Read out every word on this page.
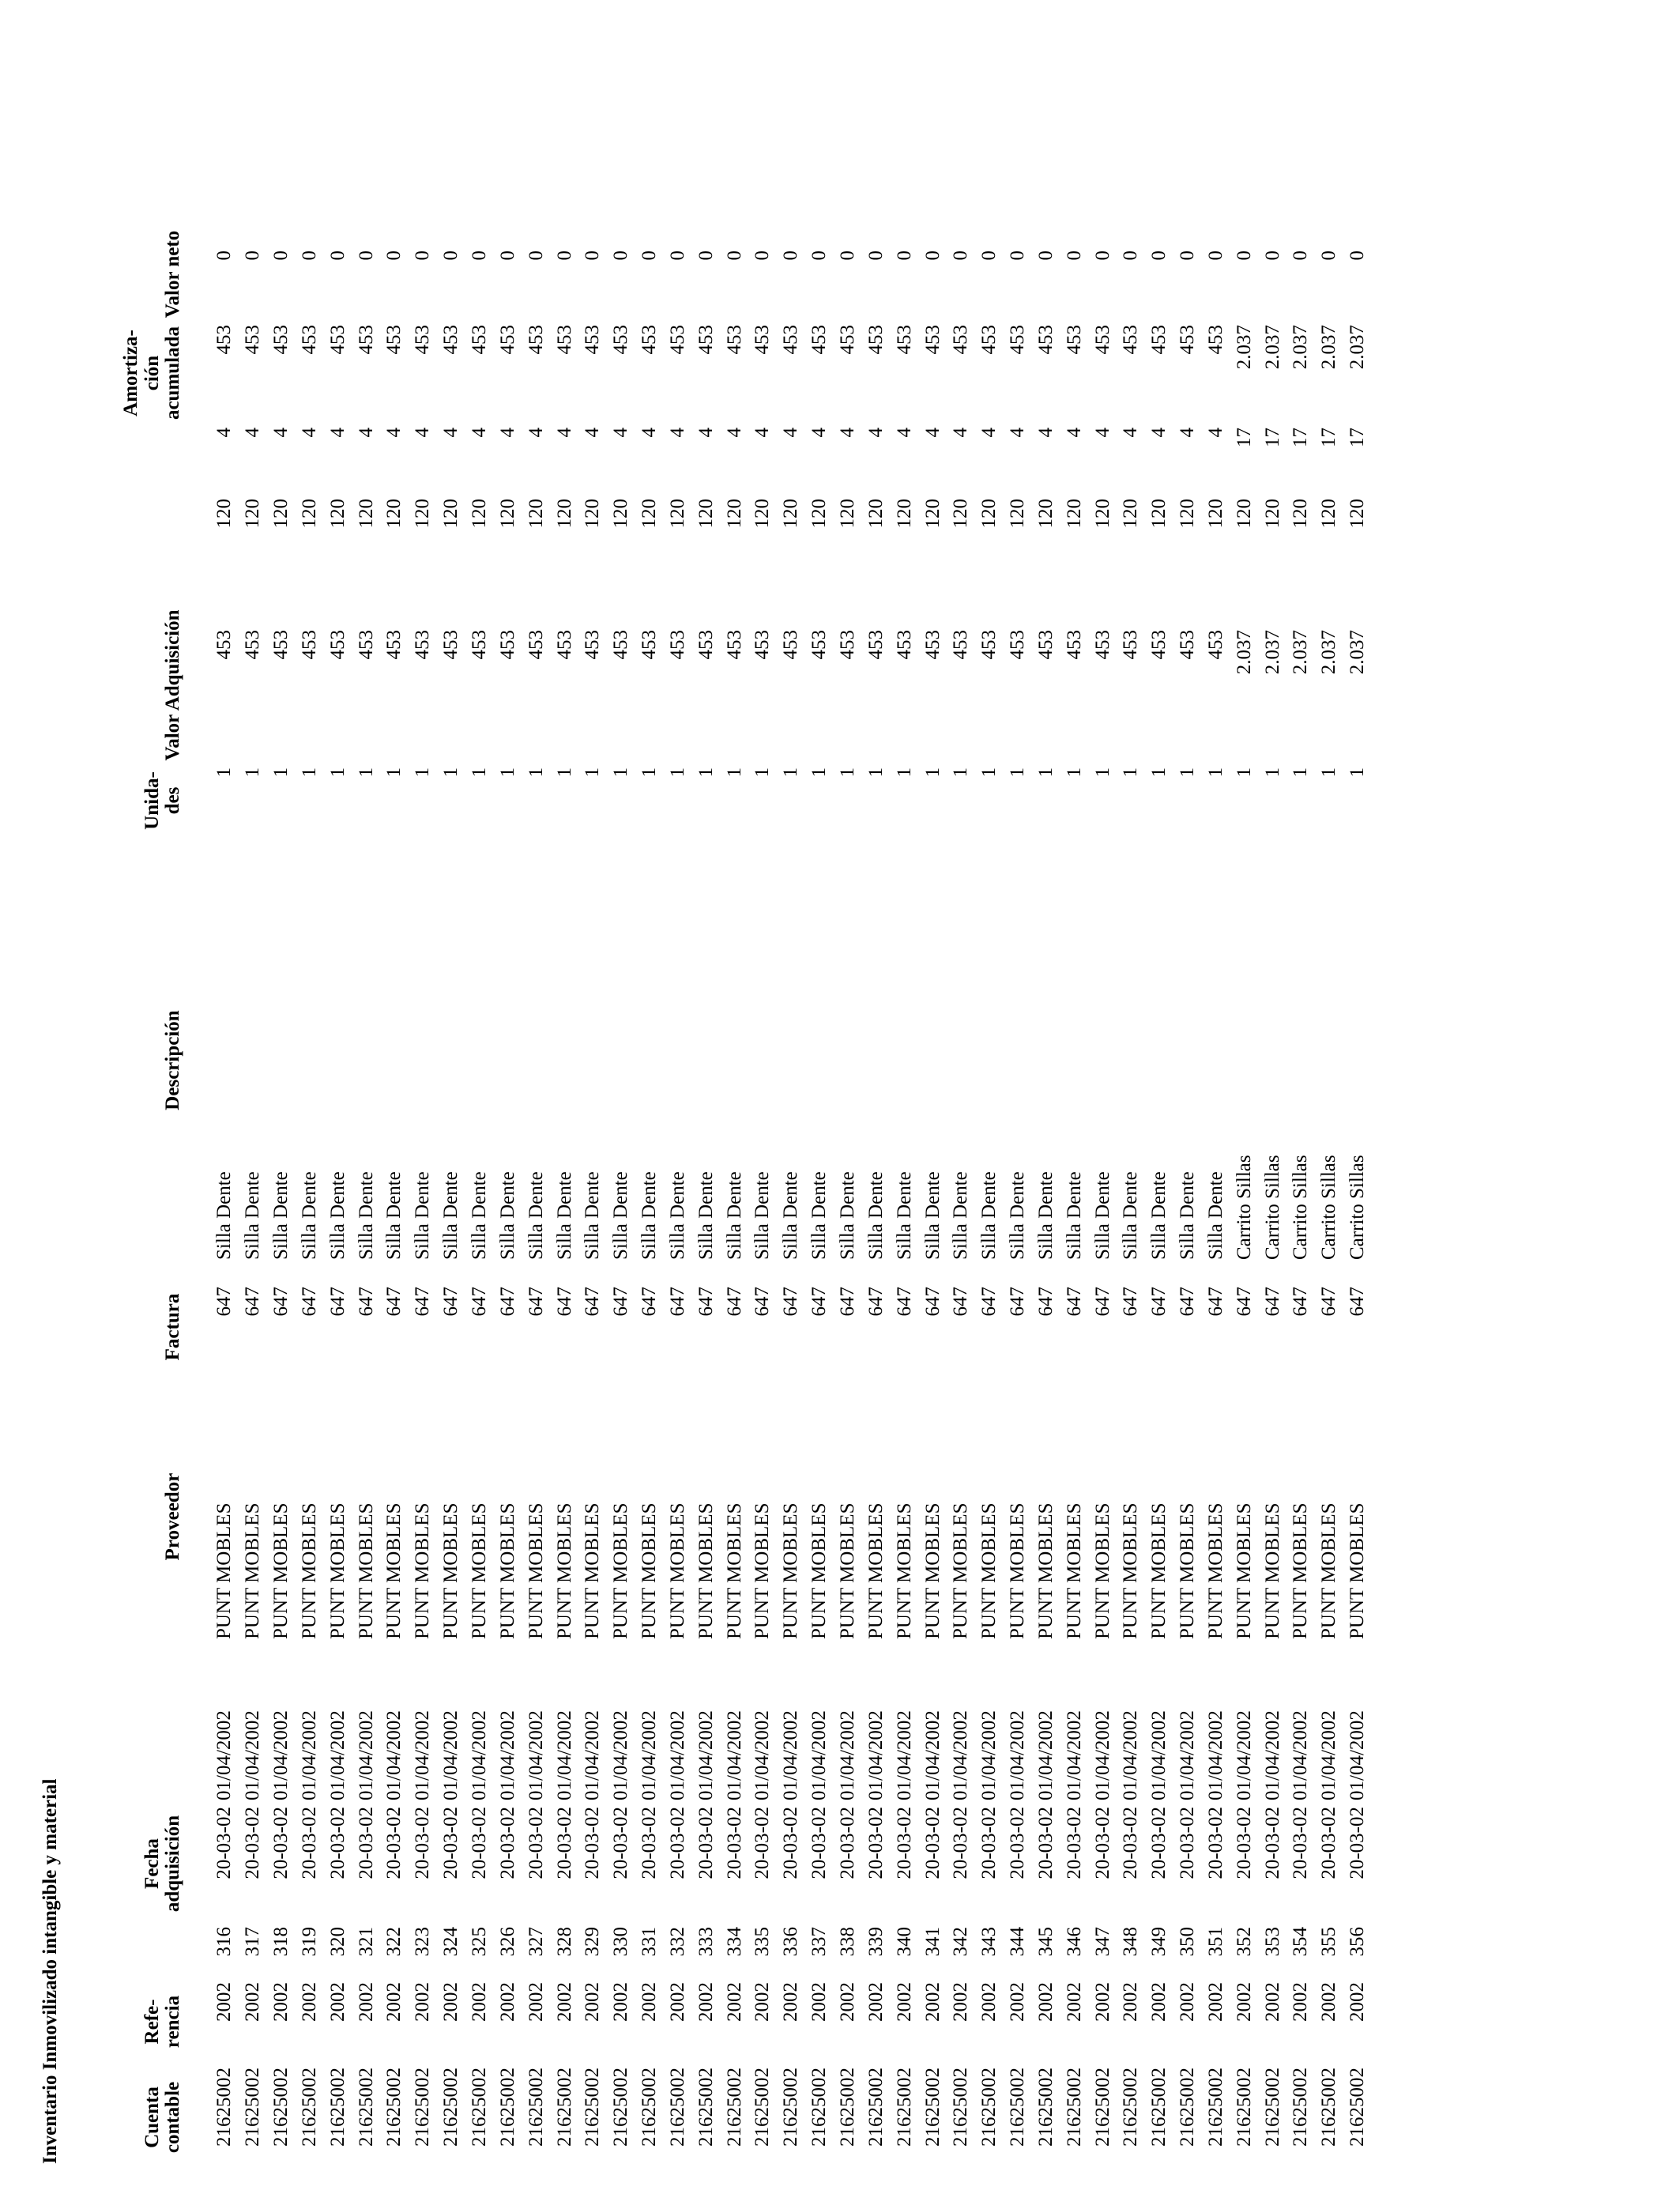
Inventario Inmovilizado intangible y material	Cuenta contable	Refe- rencia		Fecha adquisición		Proveedor	Factura	Descripción	Unida- des	Valor Adquisición			Amortiza- ción acumulada	Valor neto
21625002	2002	316	20-03-02	01/04/2002	PUNT MOBLES	647	Silla Dente	1	453	120	4	453	0
21625002	2002	317	20-03-02	01/04/2002	PUNT MOBLES	647	Silla Dente	1	453	120	4	453	0
21625002	2002	318	20-03-02	01/04/2002	PUNT MOBLES	647	Silla Dente	1	453	120	4	453	0
21625002	2002	319	20-03-02	01/04/2002	PUNT MOBLES	647	Silla Dente	1	453	120	4	453	0
21625002	2002	320	20-03-02	01/04/2002	PUNT MOBLES	647	Silla Dente	1	453	120	4	453	0
21625002	2002	321	20-03-02	01/04/2002	PUNT MOBLES	647	Silla Dente	1	453	120	4	453	0
21625002	2002	322	20-03-02	01/04/2002	PUNT MOBLES	647	Silla Dente	1	453	120	4	453	0
21625002	2002	323	20-03-02	01/04/2002	PUNT MOBLES	647	Silla Dente	1	453	120	4	453	0
21625002	2002	324	20-03-02	01/04/2002	PUNT MOBLES	647	Silla Dente	1	453	120	4	453	0
21625002	2002	325	20-03-02	01/04/2002	PUNT MOBLES	647	Silla Dente	1	453	120	4	453	0
21625002	2002	326	20-03-02	01/04/2002	PUNT MOBLES	647	Silla Dente	1	453	120	4	453	0
21625002	2002	327	20-03-02	01/04/2002	PUNT MOBLES	647	Silla Dente	1	453	120	4	453	0
21625002	2002	328	20-03-02	01/04/2002	PUNT MOBLES	647	Silla Dente	1	453	120	4	453	0
21625002	2002	329	20-03-02	01/04/2002	PUNT MOBLES	647	Silla Dente	1	453	120	4	453	0
21625002	2002	330	20-03-02	01/04/2002	PUNT MOBLES	647	Silla Dente	1	453	120	4	453	0
21625002	2002	331	20-03-02	01/04/2002	PUNT MOBLES	647	Silla Dente	1	453	120	4	453	0
21625002	2002	332	20-03-02	01/04/2002	PUNT MOBLES	647	Silla Dente	1	453	120	4	453	0
21625002	2002	333	20-03-02	01/04/2002	PUNT MOBLES	647	Silla Dente	1	453	120	4	453	0
21625002	2002	334	20-03-02	01/04/2002	PUNT MOBLES	647	Silla Dente	1	453	120	4	453	0
21625002	2002	335	20-03-02	01/04/2002	PUNT MOBLES	647	Silla Dente	1	453	120	4	453	0
21625002	2002	336	20-03-02	01/04/2002	PUNT MOBLES	647	Silla Dente	1	453	120	4	453	0
21625002	2002	337	20-03-02	01/04/2002	PUNT MOBLES	647	Silla Dente	1	453	120	4	453	0
21625002	2002	338	20-03-02	01/04/2002	PUNT MOBLES	647	Silla Dente	1	453	120	4	453	0
21625002	2002	339	20-03-02	01/04/2002	PUNT MOBLES	647	Silla Dente	1	453	120	4	453	0
21625002	2002	340	20-03-02	01/04/2002	PUNT MOBLES	647	Silla Dente	1	453	120	4	453	0
21625002	2002	341	20-03-02	01/04/2002	PUNT MOBLES	647	Silla Dente	1	453	120	4	453	0
21625002	2002	342	20-03-02	01/04/2002	PUNT MOBLES	647	Silla Dente	1	453	120	4	453	0
21625002	2002	343	20-03-02	01/04/2002	PUNT MOBLES	647	Silla Dente	1	453	120	4	453	0
21625002	2002	344	20-03-02	01/04/2002	PUNT MOBLES	647	Silla Dente	1	453	120	4	453	0
21625002	2002	345	20-03-02	01/04/2002	PUNT MOBLES	647	Silla Dente	1	453	120	4	453	0
21625002	2002	346	20-03-02	01/04/2002	PUNT MOBLES	647	Silla Dente	1	453	120	4	453	0
21625002	2002	347	20-03-02	01/04/2002	PUNT MOBLES	647	Silla Dente	1	453	120	4	453	0
21625002	2002	348	20-03-02	01/04/2002	PUNT MOBLES	647	Silla Dente	1	453	120	4	453	0
21625002	2002	349	20-03-02	01/04/2002	PUNT MOBLES	647	Silla Dente	1	453	120	4	453	0
21625002	2002	350	20-03-02	01/04/2002	PUNT MOBLES	647	Silla Dente	1	453	120	4	453	0
21625002	2002	351	20-03-02	01/04/2002	PUNT MOBLES	647	Silla Dente	1	453	120	4	453	0
21625002	2002	352	20-03-02	01/04/2002	PUNT MOBLES	647	Carrito Sillas	1	2.037	120	17	2.037	0
21625002	2002	353	20-03-02	01/04/2002	PUNT MOBLES	647	Carrito Sillas	1	2.037	120	17	2.037	0
21625002	2002	354	20-03-02	01/04/2002	PUNT MOBLES	647	Carrito Sillas	1	2.037	120	17	2.037	0
21625002	2002	355	20-03-02	01/04/2002	PUNT MOBLES	647	Carrito Sillas	1	2.037	120	17	2.037	0
21625002	2002	356	20-03-02	01/04/2002	PUNT MOBLES	647	Carrito Sillas	1	2.037	120	17	2.037	0
